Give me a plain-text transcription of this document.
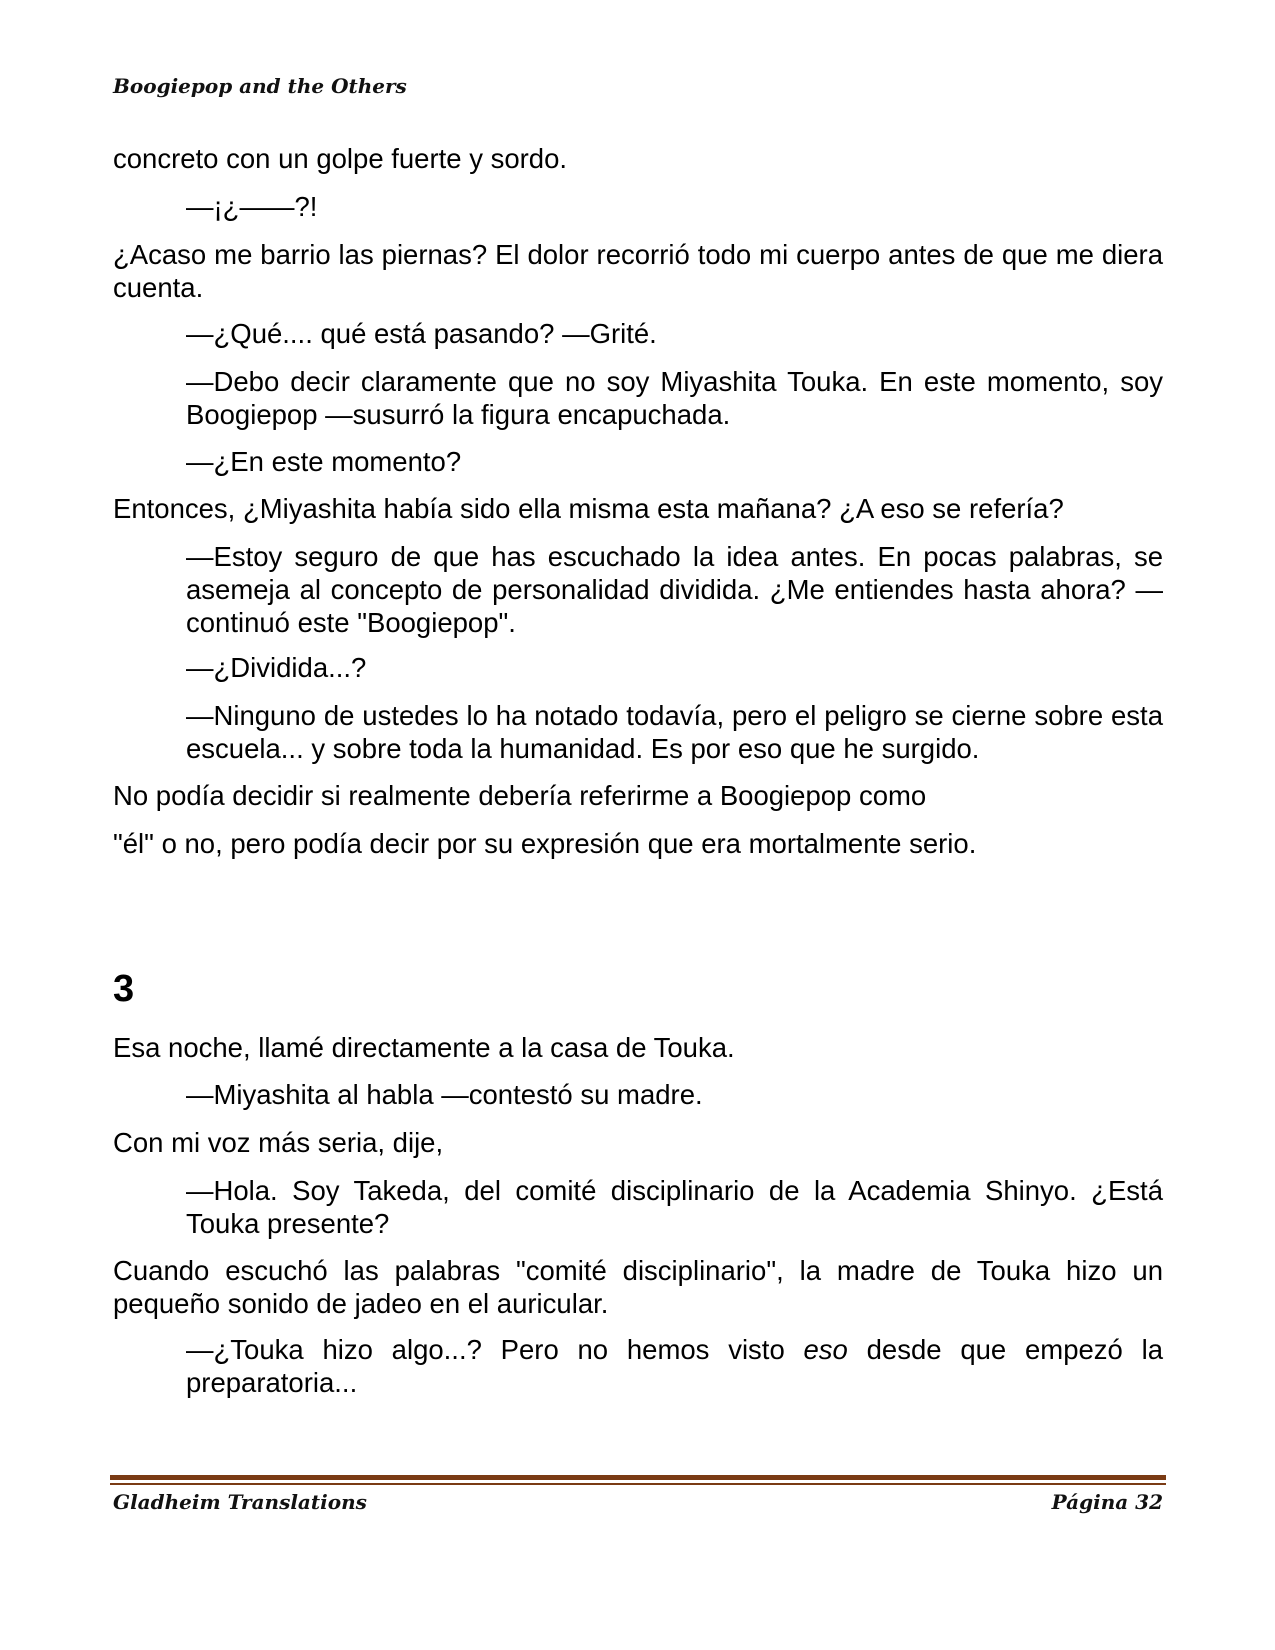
Boogiepop and the Others

concreto con un golpe fuerte y sordo.

—¡¿——?!

¿Acaso me barrio las piernas? El dolor recorrió todo mi cuerpo antes de que me diera cuenta.

—¿Qué.... qué está pasando? —Grité.

—Debo decir claramente que no soy Miyashita Touka. En este momento, soy Boogiepop —susurró la figura encapuchada.

—¿En este momento?

Entonces, ¿Miyashita había sido ella misma esta mañana? ¿A eso se refería?

—Estoy seguro de que has escuchado la idea antes. En pocas palabras, se asemeja al concepto de personalidad dividida. ¿Me entiendes hasta ahora? —continuó este "Boogiepop".

—¿Dividida...?

—Ninguno de ustedes lo ha notado todavía, pero el peligro se cierne sobre esta escuela... y sobre toda la humanidad. Es por eso que he surgido.

No podía decidir si realmente debería referirme a Boogiepop como

"él" o no, pero podía decir por su expresión que era mortalmente serio.

3

Esa noche, llamé directamente a la casa de Touka.

—Miyashita al habla —contestó su madre.

Con mi voz más seria, dije,

—Hola. Soy Takeda, del comité disciplinario de la Academia Shinyo. ¿Está Touka presente?

Cuando escuchó las palabras "comité disciplinario", la madre de Touka hizo un pequeño sonido de jadeo en el auricular.

—¿Touka hizo algo...? Pero no hemos visto eso desde que empezó la preparatoria...

Gladheim Translations	Página 32
